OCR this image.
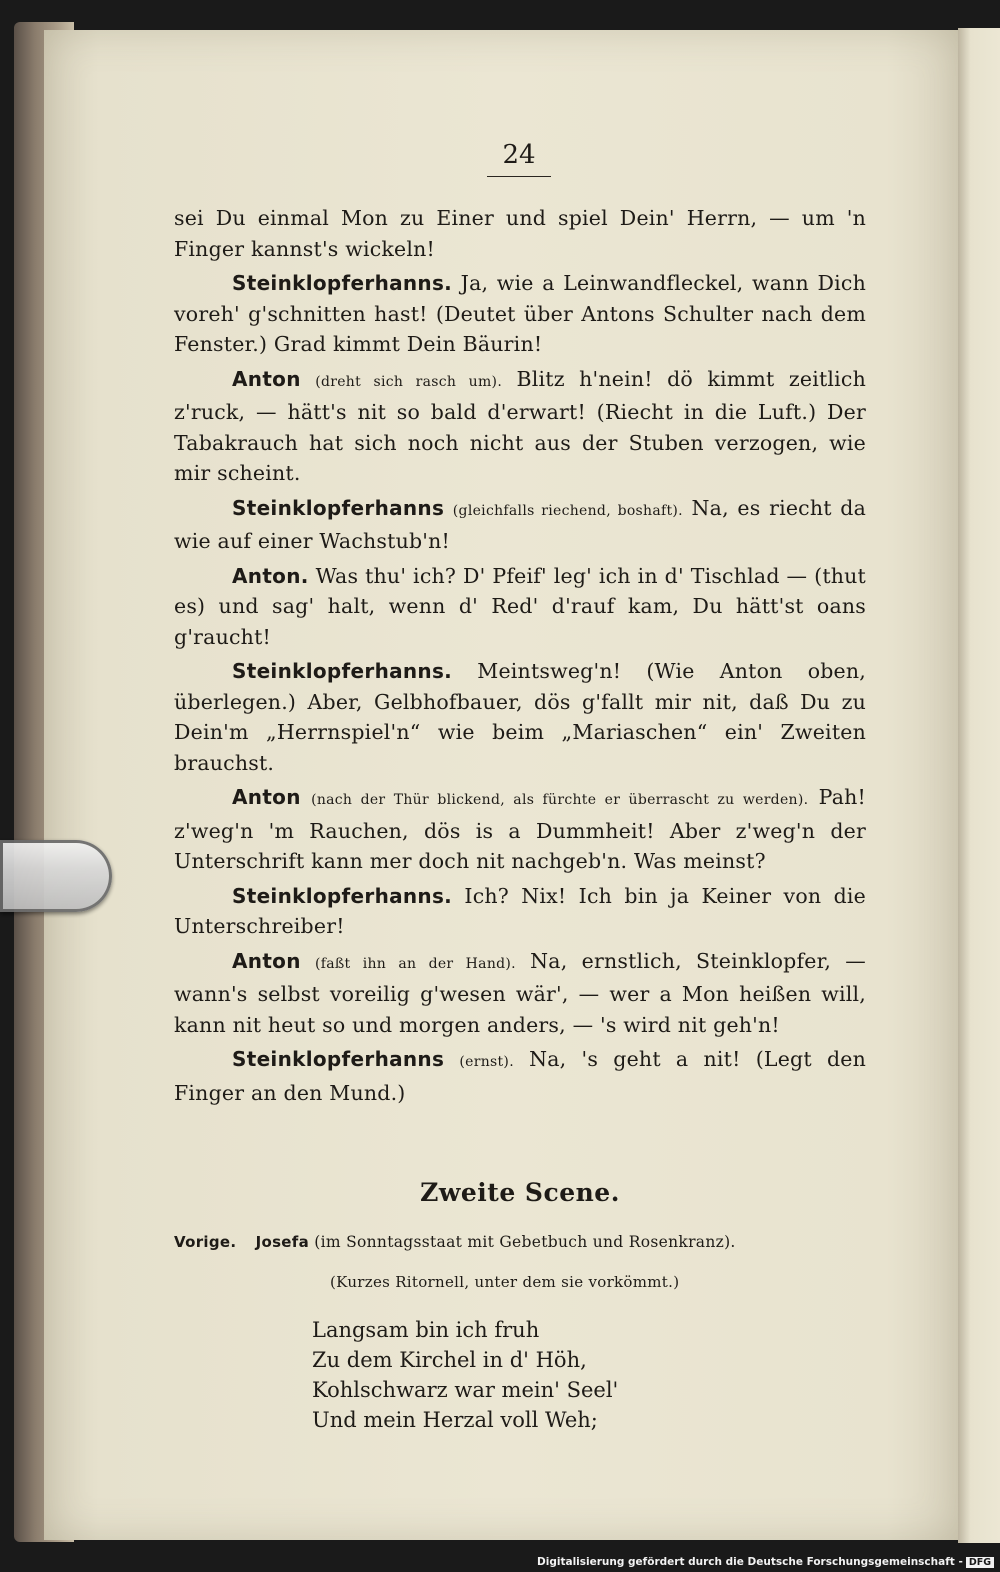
24

sei Du einmal Mon zu Einer und spiel Dein' Herrn, — um 'n Finger kannst's wickeln!

Steinklopferhanns. Ja, wie a Leinwandfleckel, wann Dich voreh' g'schnitten hast! (Deutet über Antons Schulter nach dem Fenster.) Grad kimmt Dein Bäurin!

Anton (dreht sich rasch um). Blitz h'nein! dö kimmt zeitlich z'ruck, — hätt's nit so bald d'erwart! (Riecht in die Luft.) Der Tabakrauch hat sich noch nicht aus der Stuben verzogen, wie mir scheint.

Steinklopferhanns (gleichfalls riechend, boshaft). Na, es riecht da wie auf einer Wachstub'n!

Anton. Was thu' ich? D' Pfeif' leg' ich in d' Tischlad — (thut es) und sag' halt, wenn d' Red' d'rauf kam, Du hätt'st oans g'raucht!

Steinklopferhanns. Meintsweg'n! (Wie Anton oben, überlegen.) Aber, Gelbhofbauer, dös g'fallt mir nit, daß Du zu Dein'm „Herrnspiel'n“ wie beim „Mariaschen“ ein' Zweiten brauchst.

Anton (nach der Thür blickend, als fürchte er überrascht zu werden). Pah! z'weg'n 'm Rauchen, dös is a Dummheit! Aber z'weg'n der Unterschrift kann mer doch nit nachgeb'n. Was meinst?

Steinklopferhanns. Ich? Nix! Ich bin ja Keiner von die Unterschreiber!

Anton (faßt ihn an der Hand). Na, ernstlich, Steinklopfer, — wann's selbst voreilig g'wesen wär', — wer a Mon heißen will, kann nit heut so und morgen anders, — 's wird nit geh'n!

Steinklopferhanns (ernst). Na, 's geht a nit! (Legt den Finger an den Mund.)

Zweite Scene.
Vorige. Josefa (im Sonntagsstaat mit Gebetbuch und Rosenkranz).
(Kurzes Ritornell, unter dem sie vorkömmt.)
Langsam bin ich fruh
Zu dem Kirchel in d' Höh,
Kohlschwarz war mein' Seel'
Und mein Herzal voll Weh;
Digitalisierung gefördert durch die Deutsche Forschungsgemeinschaft - DFG
